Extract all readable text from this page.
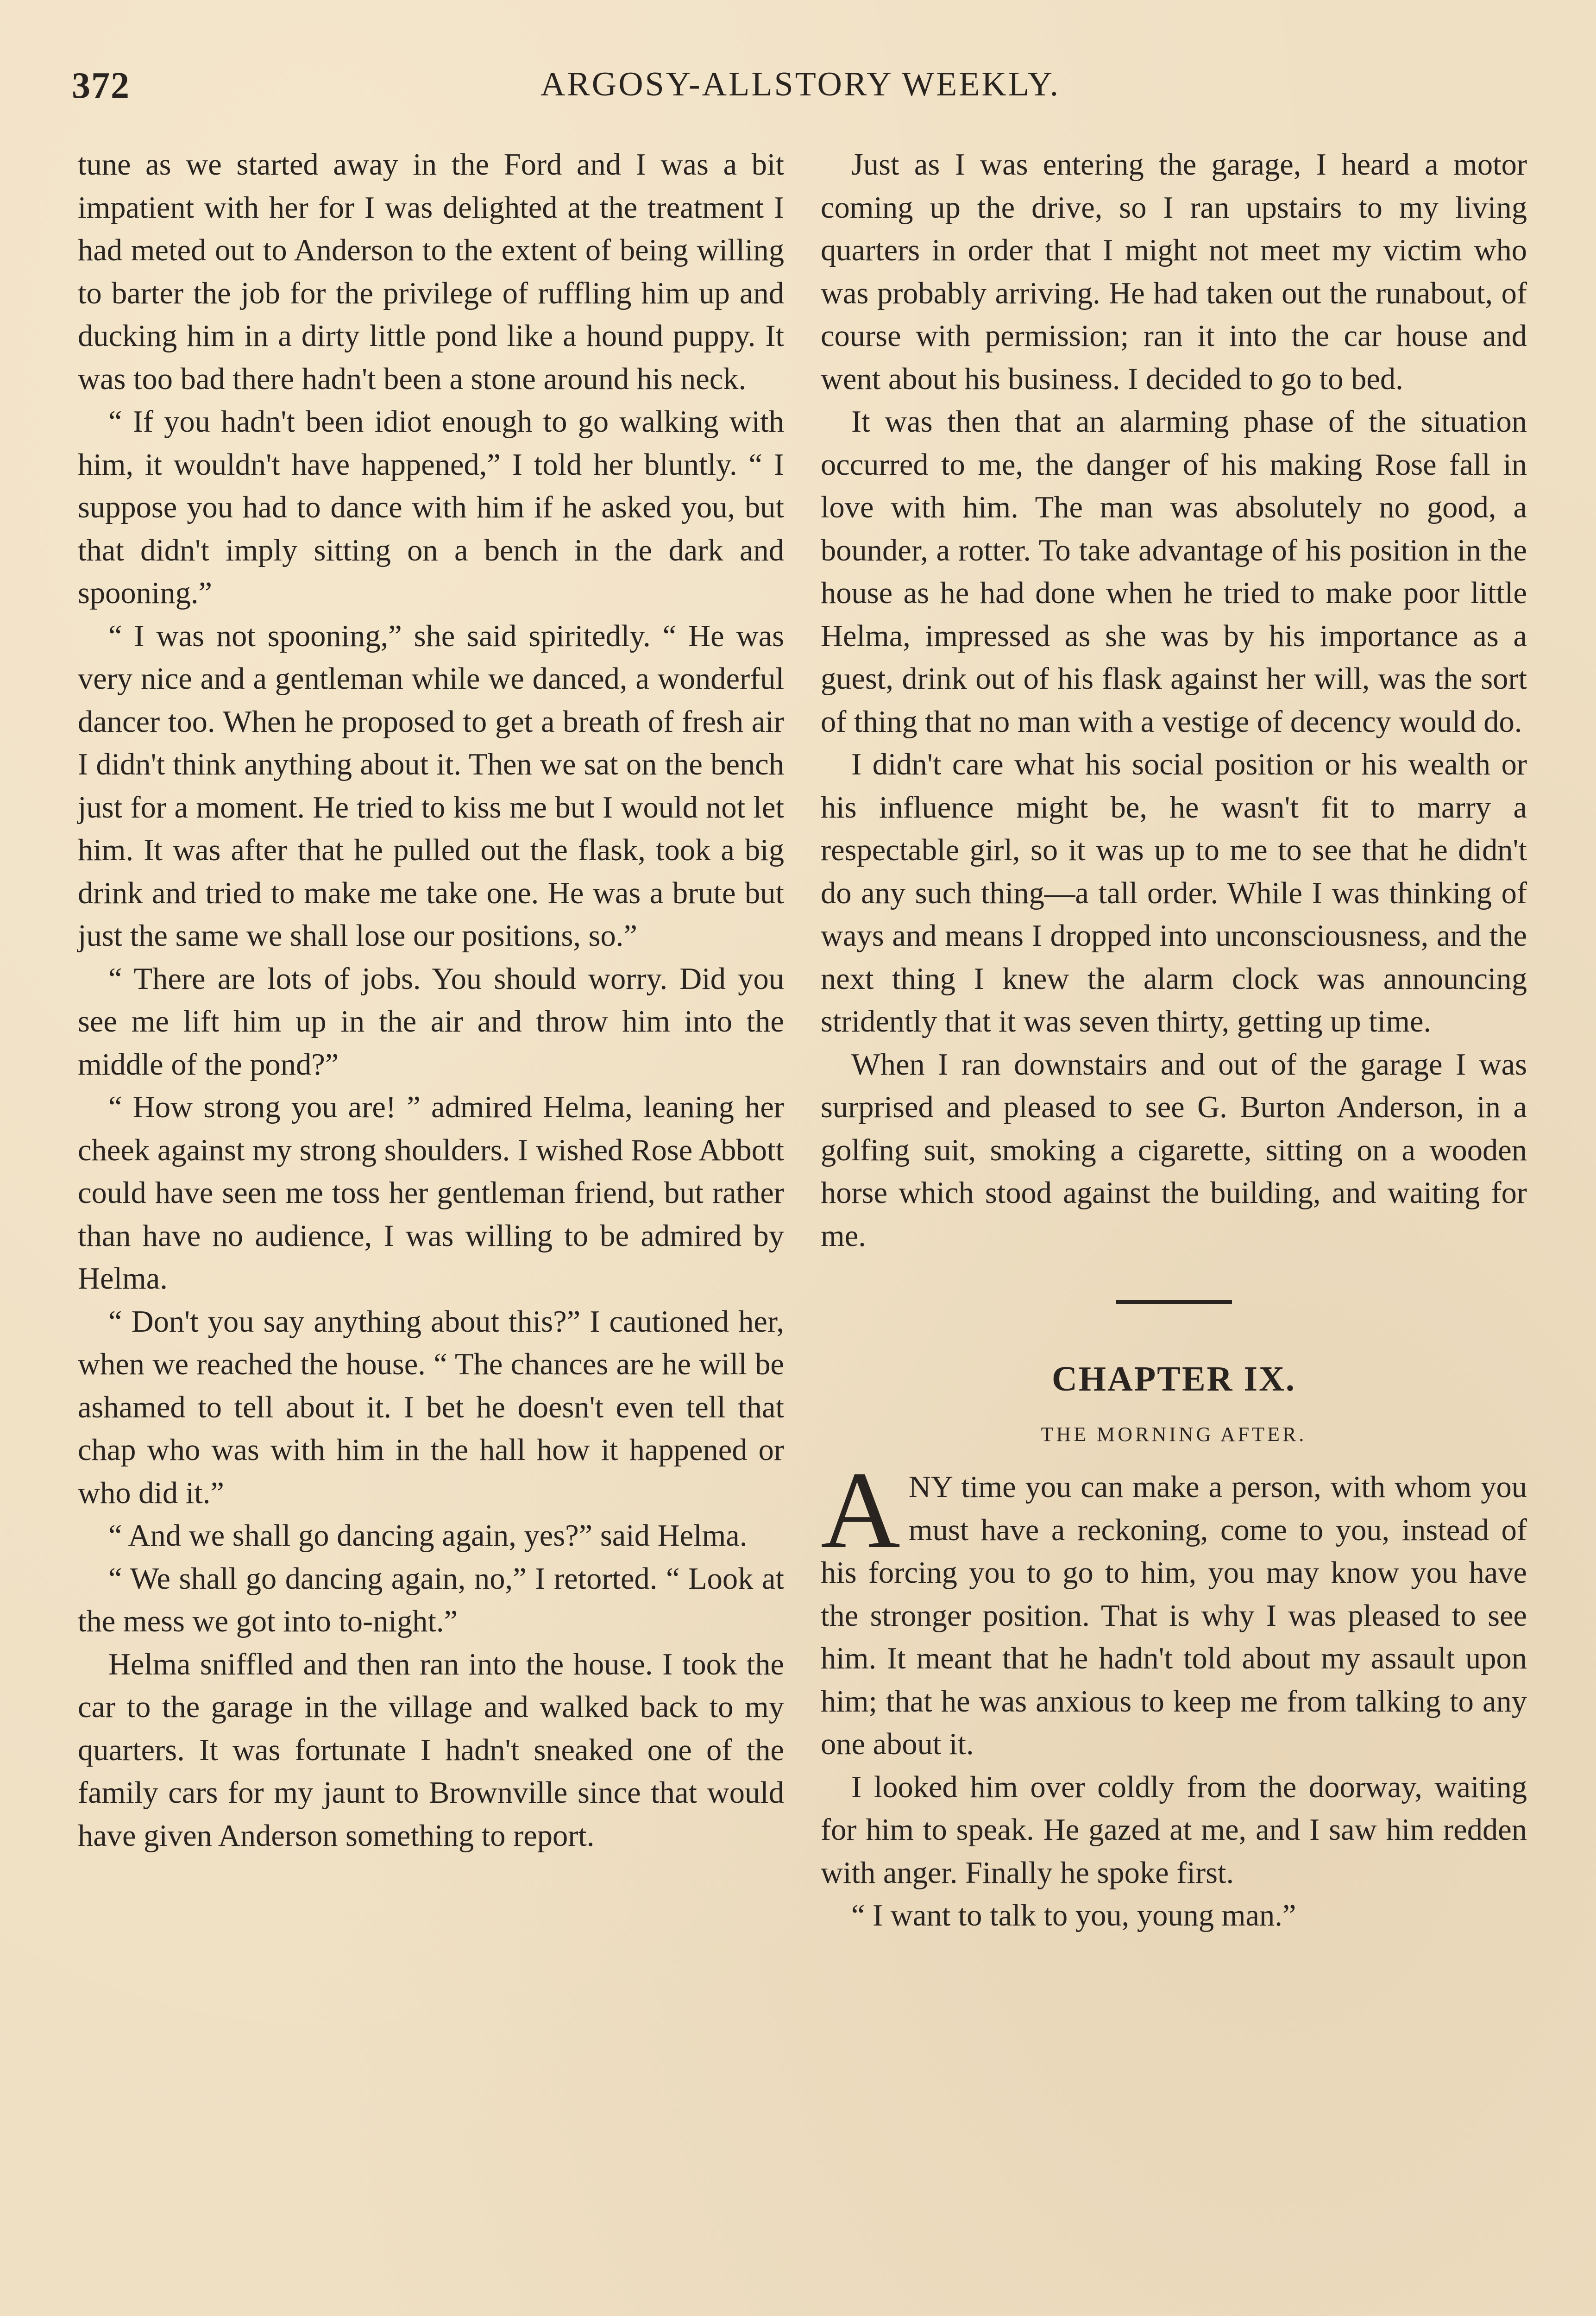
372	ARGOSY-ALLSTORY WEEKLY.

tune as we started away in the Ford and I was a bit impatient with her for I was delighted at the treatment I had meted out to Anderson to the extent of being willing to barter the job for the privilege of ruffling him up and ducking him in a dirty little pond like a hound puppy. It was too bad there hadn't been a stone around his neck.

“ If you hadn't been idiot enough to go walking with him, it wouldn't have happened,” I told her bluntly. “ I suppose you had to dance with him if he asked you, but that didn't imply sitting on a bench in the dark and spooning.”

“ I was not spooning,” she said spiritedly. “ He was very nice and a gentleman while we danced, a wonderful dancer too. When he proposed to get a breath of fresh air I didn't think anything about it. Then we sat on the bench just for a moment. He tried to kiss me but I would not let him. It was after that he pulled out the flask, took a big drink and tried to make me take one. He was a brute but just the same we shall lose our positions, so.”

“ There are lots of jobs. You should worry. Did you see me lift him up in the air and throw him into the middle of the pond?”

“ How strong you are! ” admired Helma, leaning her cheek against my strong shoulders. I wished Rose Abbott could have seen me toss her gentleman friend, but rather than have no audience, I was willing to be admired by Helma.

“ Don't you say anything about this?” I cautioned her, when we reached the house. “ The chances are he will be ashamed to tell about it. I bet he doesn't even tell that chap who was with him in the hall how it happened or who did it.”

“ And we shall go dancing again, yes?” said Helma.

“ We shall go dancing again, no,” I retorted. “ Look at the mess we got into to-night.”

Helma sniffled and then ran into the house. I took the car to the garage in the village and walked back to my quarters. It was fortunate I hadn't sneaked one of the family cars for my jaunt to Brownville since that would have given Anderson something to report.

Just as I was entering the garage, I heard a motor coming up the drive, so I ran upstairs to my living quarters in order that I might not meet my victim who was probably arriving. He had taken out the runabout, of course with permission; ran it into the car house and went about his business. I decided to go to bed.

It was then that an alarming phase of the situation occurred to me, the danger of his making Rose fall in love with him. The man was absolutely no good, a bounder, a rotter. To take advantage of his position in the house as he had done when he tried to make poor little Helma, impressed as she was by his importance as a guest, drink out of his flask against her will, was the sort of thing that no man with a vestige of decency would do.

I didn't care what his social position or his wealth or his influence might be, he wasn't fit to marry a respectable girl, so it was up to me to see that he didn't do any such thing—a tall order. While I was thinking of ways and means I dropped into unconsciousness, and the next thing I knew the alarm clock was announcing stridently that it was seven thirty, getting up time.

When I ran downstairs and out of the garage I was surprised and pleased to see G. Burton Anderson, in a golfing suit, smoking a cigarette, sitting on a wooden horse which stood against the building, and waiting for me.

CHAPTER IX.
THE MORNING AFTER.

ANY time you can make a person, with whom you must have a reckoning, come to you, instead of his forcing you to go to him, you may know you have the stronger position. That is why I was pleased to see him. It meant that he hadn't told about my assault upon him; that he was anxious to keep me from talking to any one about it.

I looked him over coldly from the doorway, waiting for him to speak. He gazed at me, and I saw him redden with anger. Finally he spoke first.

“ I want to talk to you, young man.”
